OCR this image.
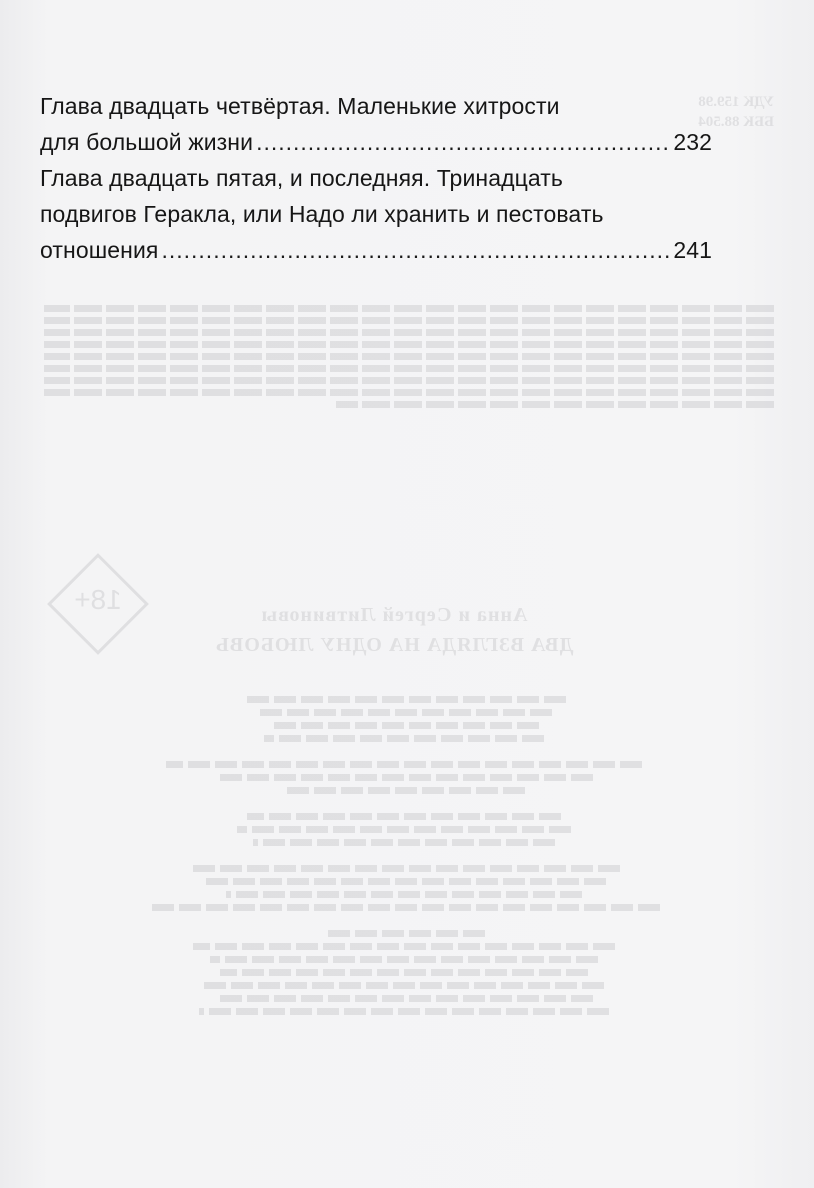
УДК 159.98
ББК 88.504
18+	Анна и Сергей Литвиновы
ДВА ВЗГЛЯДА НА ОДНУ ЛЮБОВЬ
Глава двадцать четвёртая. Маленькие хитрости
для большой жизни .....	232
Глава двадцать пятая, и последняя. Тринадцать
подвигов Геракла, или Надо ли хранить и пестовать
отношения .....	241
